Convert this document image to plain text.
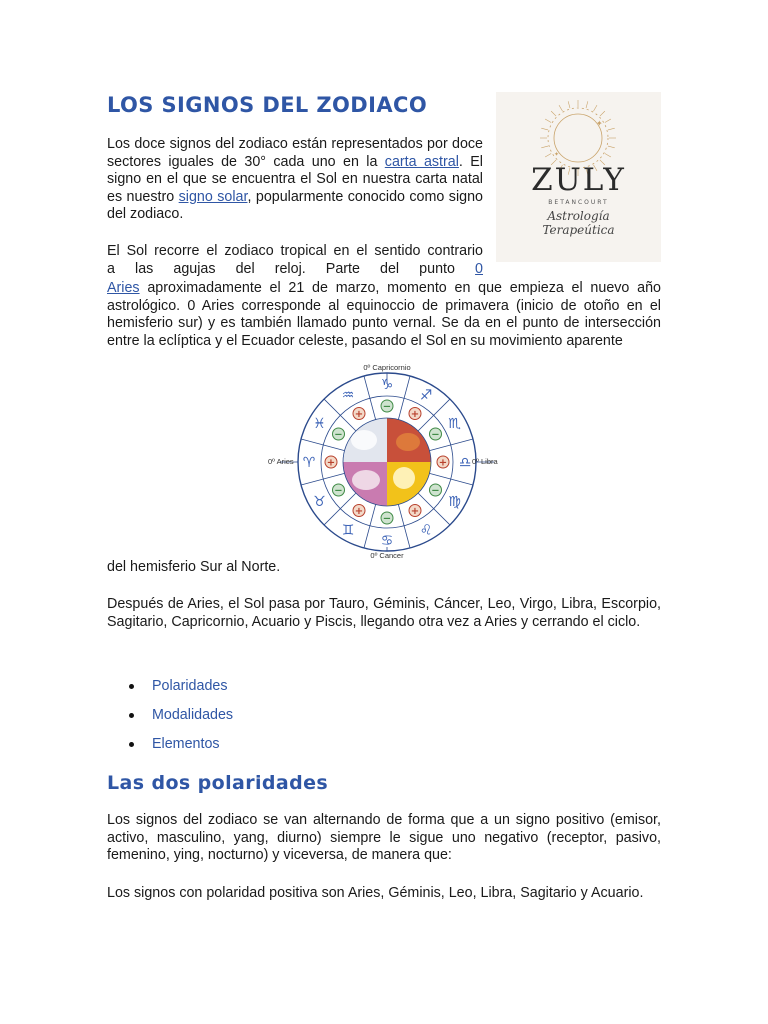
LOS SIGNOS DEL ZODIACO
✦
✦
ZULY
BETANCOURT
Astrología
Terapeútica

Los doce signos del zodiaco están representados por doce sectores iguales de 30° cada uno en la carta astral. El signo en el que se encuentra el Sol en nuestra carta natal es nuestro signo solar, popularmente conocido como signo del zodiaco.

El Sol recorre el zodiaco tropical en el sentido contrario
a las agujas del reloj. Parte del punto 0

Aries aproximadamente el 21 de marzo, momento en que empieza el nuevo año astrológico. 0 Aries corresponde al equinoccio de primavera (inicio de otoño en el hemisferio sur) y es también llamado punto vernal. Se da en el punto de intersección entre la eclíptica y el Ecuador celeste, pasando el Sol en su movimiento aparente

♈
♓
♒
♑
♐
♏
♎
♍
♌
♋
♊
♉
+
−
+
−
+
−
+
−
+
−
+
−
0º Capricornio
0º Aries	0º Libra
0º Cancer

del hemisferio Sur al Norte.

Después de Aries, el Sol pasa por Tauro, Géminis, Cáncer, Leo, Virgo, Libra, Escorpio, Sagitario, Capricornio, Acuario y Piscis, llegando otra vez a Aries y cerrando el ciclo.

Polaridades
Modalidades
Elementos
Las dos polaridades

Los signos del zodiaco se van alternando de forma que a un signo positivo (emisor, activo, masculino, yang, diurno) siempre le sigue uno negativo (receptor, pasivo, femenino, ying, nocturno) y viceversa, de manera que:

Los signos con polaridad positiva son Aries, Géminis, Leo, Libra, Sagitario y Acuario.
